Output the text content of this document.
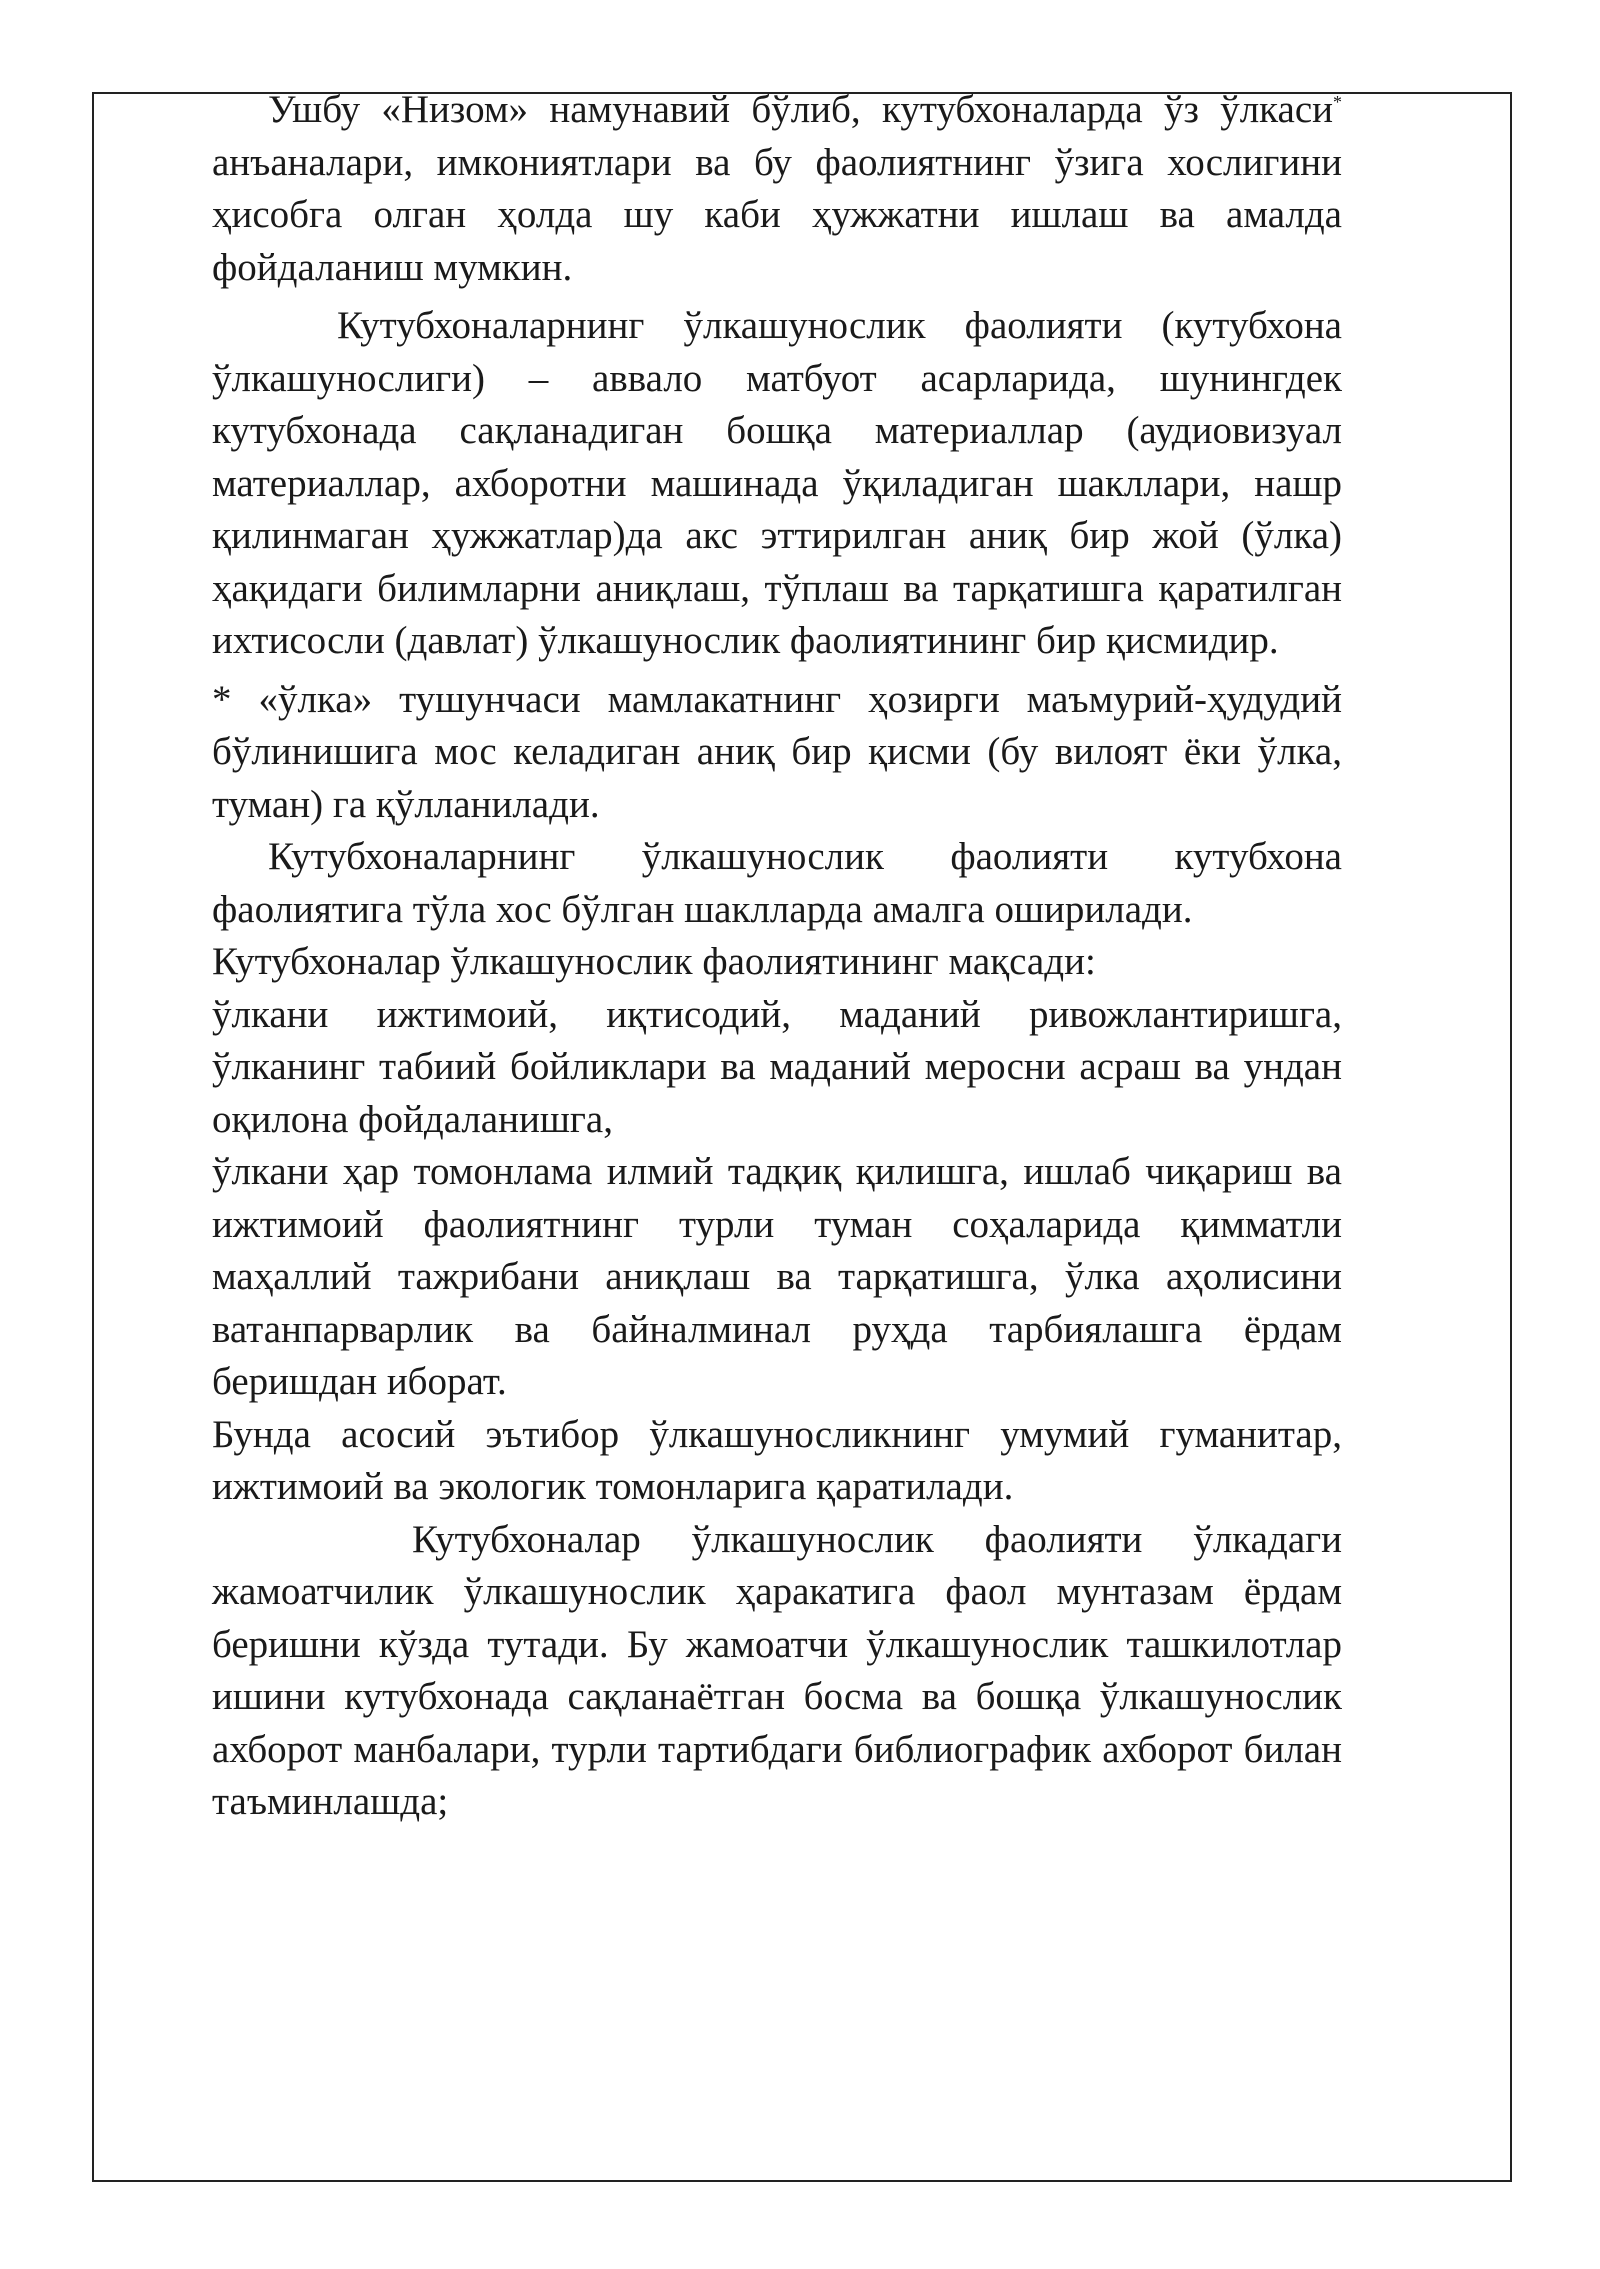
Ушбу «Низом» намунавий бўлиб, кутубхоналарда ўз ўлкаси* анъаналари, имкониятлари ва бу фаолиятнинг ўзига хослигини ҳисобга олган ҳолда шу каби ҳужжатни ишлаш ва амалда фойдаланиш мумкин.

Кутубхоналарнинг ўлкашунослик фаолияти (кутубхона ўлкашунослиги) – аввало матбуот асарларида, шунингдек кутубхонада сақланадиган бошқа материаллар (аудиовизуал материаллар, ахборотни машинада ўқиладиган шакллари, нашр қилинмаган ҳужжатлар)да акс эттирилган аниқ бир жой (ўлка) ҳақидаги билимларни аниқлаш, тўплаш ва тарқатишга қаратилган ихтисосли (давлат) ўлкашунослик фаолиятининг бир қисмидир.

* «ўлка» тушунчаси мамлакатнинг ҳозирги маъмурий-ҳудудий бўлинишига мос келадиган аниқ бир қисми (бу вилоят ёки ўлка, туман) га қўлланилади.

Кутубхоналарнинг ўлкашунослик фаолияти кутубхона фаолиятига тўла хос бўлган шаклларда амалга оширилади.

Кутубхоналар ўлкашунослик фаолиятининг мақсади:

ўлкани ижтимоий, иқтисодий, маданий ривожлантиришга, ўлканинг табиий бойликлари ва маданий меросни асраш ва ундан оқилона фойдаланишга,

ўлкани ҳар томонлама илмий тадқиқ қилишга, ишлаб чиқариш ва ижтимоий фаолиятнинг турли туман соҳаларида қимматли маҳаллий тажрибани аниқлаш ва тарқатишга, ўлка аҳолисини ватанпарварлик ва байналминал руҳда тарбиялашга ёрдам беришдан иборат.

Бунда асосий эътибор ўлкашуносликнинг умумий гуманитар, ижтимоий ва экологик томонларига қаратилади.

Кутубхоналар ўлкашунослик фаолияти ўлкадаги жамоатчилик ўлкашунослик ҳаракатига фаол мунтазам ёрдам беришни кўзда тутади. Бу жамоатчи ўлкашунослик ташкилотлар ишини кутубхонада сақланаётган босма ва бошқа ўлкашунослик ахборот манбалари, турли тартибдаги библиографик ахборот билан таъминлашда;
